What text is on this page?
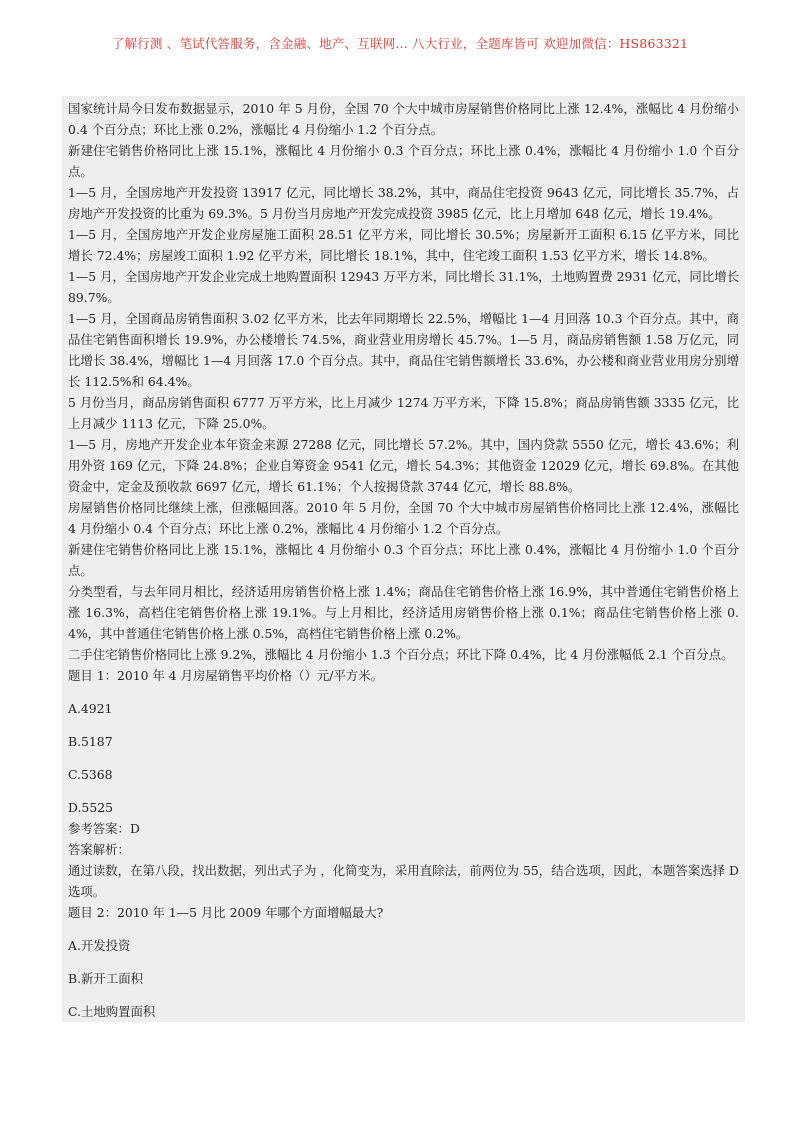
了解行测 、笔试代答服务，含金融、地产、互联网... 八大行业，全题库皆可 欢迎加微信：HS863321

国家统计局今日发布数据显示，2010 年 5 月份，全国 70 个大中城市房屋销售价格同比上涨 12.4%，涨幅比 4 月份缩小 0.4 个百分点；环比上涨 0.2%，涨幅比 4 月份缩小 1.2 个百分点。

新建住宅销售价格同比上涨 15.1%，涨幅比 4 月份缩小 0.3 个百分点；环比上涨 0.4%，涨幅比 4 月份缩小 1.0 个百分点。

1—5 月，全国房地产开发投资 13917 亿元，同比增长 38.2%，其中，商品住宅投资 9643 亿元，同比增长 35.7%，占房地产开发投资的比重为 69.3%。5 月份当月房地产开发完成投资 3985 亿元，比上月增加 648 亿元，增长 19.4%。

1—5 月，全国房地产开发企业房屋施工面积 28.51 亿平方米，同比增长 30.5%；房屋新开工面积 6.15 亿平方米，同比增长 72.4%；房屋竣工面积 1.92 亿平方米，同比增长 18.1%，其中，住宅竣工面积 1.53 亿平方米，增长 14.8%。

1—5 月，全国房地产开发企业完成土地购置面积 12943 万平方米，同比增长 31.1%，土地购置费 2931 亿元，同比增长 89.7%。

1—5 月，全国商品房销售面积 3.02 亿平方米，比去年同期增长 22.5%，增幅比 1—4 月回落 10.3 个百分点。其中，商品住宅销售面积增长 19.9%，办公楼增长 74.5%，商业营业用房增长 45.7%。1—5 月，商品房销售额 1.58 万亿元，同比增长 38.4%，增幅比 1—4 月回落 17.0 个百分点。其中，商品住宅销售额增长 33.6%，办公楼和商业营业用房分别增长 112.5%和 64.4%。

5 月份当月，商品房销售面积 6777 万平方米，比上月减少 1274 万平方米，下降 15.8%；商品房销售额 3335 亿元，比上月减少 1113 亿元，下降 25.0%。

1—5 月，房地产开发企业本年资金来源 27288 亿元，同比增长 57.2%。其中，国内贷款 5550 亿元，增长 43.6%；利用外资 169 亿元，下降 24.8%；企业自筹资金 9541 亿元，增长 54.3%；其他资金 12029 亿元，增长 69.8%。在其他资金中，定金及预收款 6697 亿元，增长 61.1%；个人按揭贷款 3744 亿元，增长 88.8%。

房屋销售价格同比继续上涨，但涨幅回落。2010 年 5 月份，全国 70 个大中城市房屋销售价格同比上涨 12.4%，涨幅比 4 月份缩小 0.4 个百分点；环比上涨 0.2%，涨幅比 4 月份缩小 1.2 个百分点。

新建住宅销售价格同比上涨 15.1%，涨幅比 4 月份缩小 0.3 个百分点；环比上涨 0.4%，涨幅比 4 月份缩小 1.0 个百分点。

分类型看，与去年同月相比，经济适用房销售价格上涨 1.4%；商品住宅销售价格上涨 16.9%，其中普通住宅销售价格上涨 16.3%，高档住宅销售价格上涨 19.1%。与上月相比，经济适用房销售价格上涨 0.1%；商品住宅销售价格上涨 0.4%，其中普通住宅销售价格上涨 0.5%，高档住宅销售价格上涨 0.2%。

二手住宅销售价格同比上涨 9.2%，涨幅比 4 月份缩小 1.3 个百分点；环比下降 0.4%，比 4 月份涨幅低 2.1 个百分点。

题目 1：2010 年 4 月房屋销售平均价格（）元/平方米。

A.4921

B.5187

C.5368

D.5525

参考答案：D

答案解析：

通过读数，在第八段，找出数据，列出式子为 ，化简变为，采用直除法，前两位为 55，结合选项，因此，本题答案选择 D 选项。

题目 2：2010 年 1—5 月比 2009 年哪个方面增幅最大?

A.开发投资

B.新开工面积

C.土地购置面积
